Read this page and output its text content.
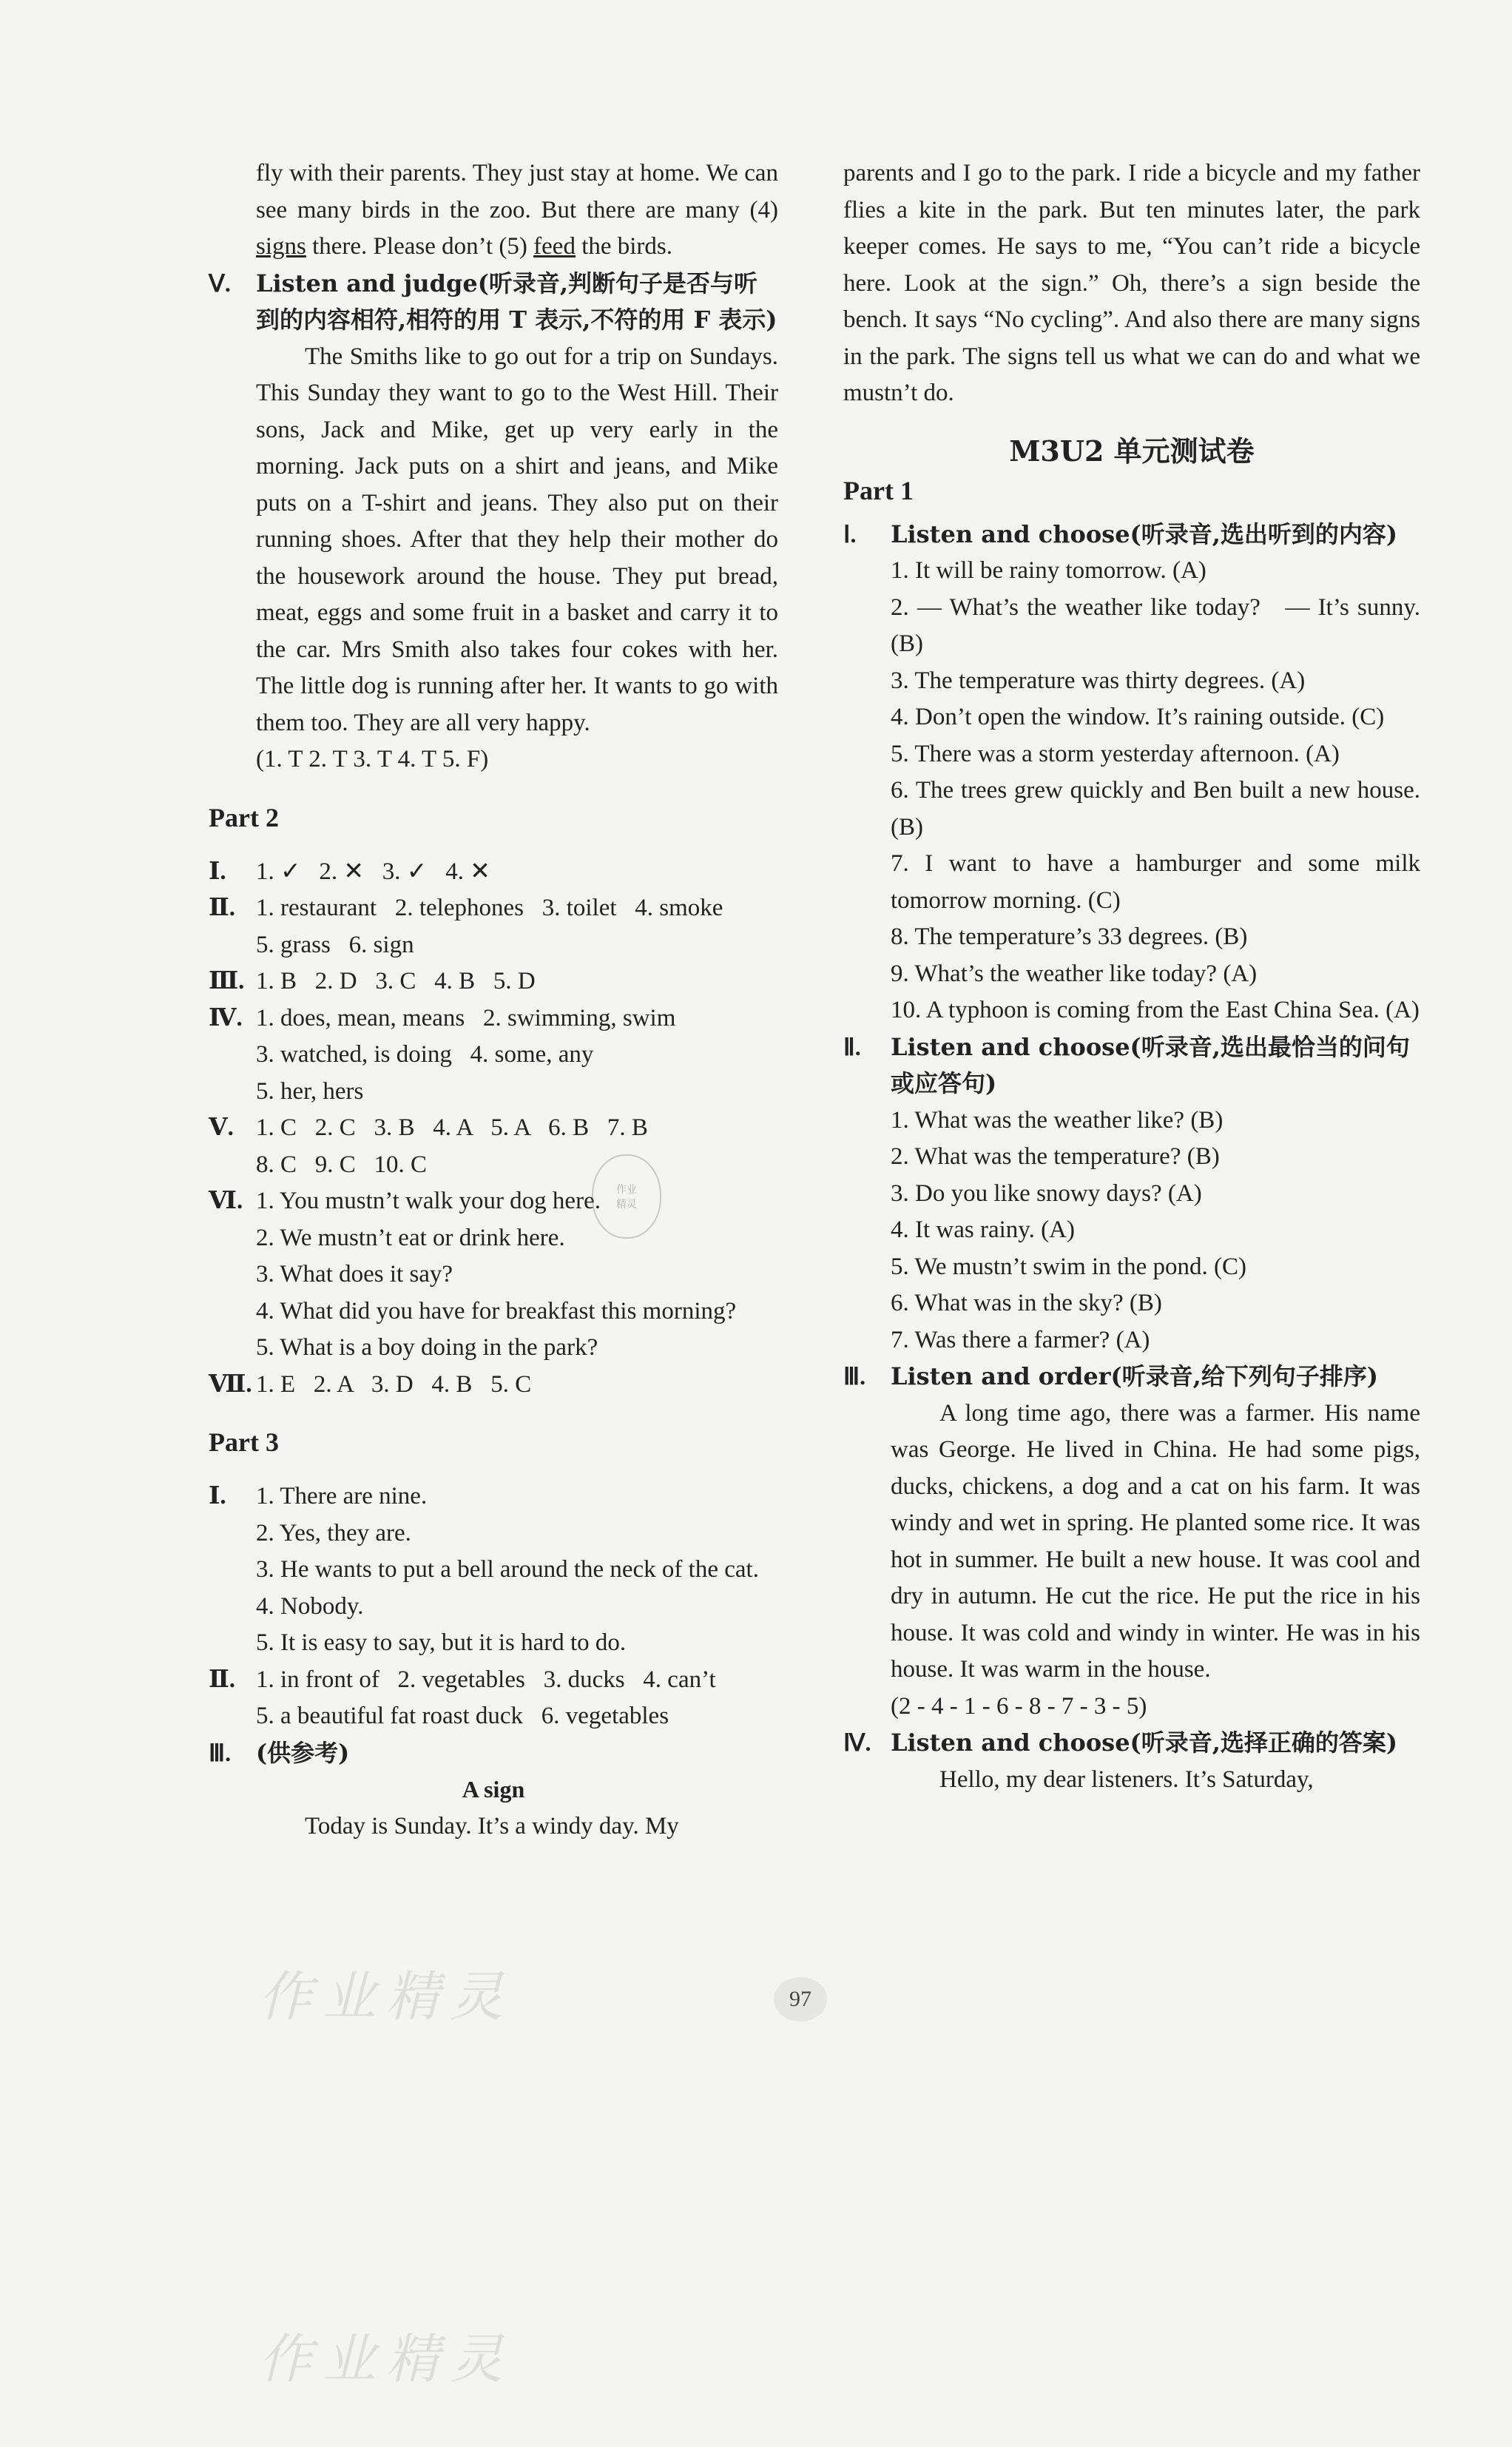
fly with their parents. They just stay at home. We can see many birds in the zoo. But there are many (4) signs there. Please don’t (5) feed the birds.

Ⅴ. Listen and judge(听录音,判断句子是否与听到的内容相符,相符的用 T 表示,不符的用 F 表示)

The Smiths like to go out for a trip on Sundays. This Sunday they want to go to the West Hill. Their sons, Jack and Mike, get up very early in the morning. Jack puts on a shirt and jeans, and Mike puts on a T-shirt and jeans. They also put on their running shoes. After that they help their mother do the housework around the house. They put bread, meat, eggs and some fruit in a basket and carry it to the car. Mrs Smith also takes four cokes with her. The little dog is running after her. It wants to go with them too. They are all very happy.

(1. T 2. T 3. T 4. T 5. F)

Part 2
Ⅰ.	1. ✓   2. ✕   3. ✓   4. ✕

Ⅱ. 1. restaurant   2. telephones   3. toilet   4. smoke

5. grass   6. sign

Ⅲ. 1. B   2. D   3. C   4. B   5. D

Ⅳ. 1. does, mean, means   2. swimming, swim

3. watched, is doing   4. some, any

5. her, hers

Ⅴ. 1. C   2. C   3. B   4. A   5. A   6. B   7. B

8. C   9. C   10. C

Ⅵ. 1. You mustn’t walk your dog here.

2. We mustn’t eat or drink here.

3. What does it say?

4. What did you have for breakfast this morning?

5. What is a boy doing in the park?

Ⅶ. 1. E   2. A   3. D   4. B   5. C

Part 3
Ⅰ.	1. There are nine.

2. Yes, they are.

3. He wants to put a bell around the neck of the cat.

4. Nobody.

5. It is easy to say, but it is hard to do.

Ⅱ. 1. in front of   2. vegetables   3. ducks   4. can’t

5. a beautiful fat roast duck   6. vegetables

Ⅲ. (供参考)

A sign

Today is Sunday. It’s a windy day. My

parents and I go to the park. I ride a bicycle and my father flies a kite in the park. But ten minutes later, the park keeper comes. He says to me, “You can’t ride a bicycle here. Look at the sign.” Oh, there’s a sign beside the bench. It says “No cycling”. And also there are many signs in the park. The signs tell us what we can do and what we mustn’t do.

M3U2 单元测试卷
Part 1

Ⅰ. Listen and choose(听录音,选出听到的内容)

1. It will be rainy tomorrow. (A)

2. — What’s the weather like today?   — It’s sunny. (B)

3. The temperature was thirty degrees. (A)

4. Don’t open the window. It’s raining outside. (C)

5. There was a storm yesterday afternoon. (A)

6. The trees grew quickly and Ben built a new house. (B)

7. I want to have a hamburger and some milk tomorrow morning. (C)

8. The temperature’s 33 degrees. (B)

9. What’s the weather like today? (A)

10. A typhoon is coming from the East China Sea. (A)

Ⅱ. Listen and choose(听录音,选出最恰当的问句或应答句)

1. What was the weather like? (B)

2. What was the temperature? (B)

3. Do you like snowy days? (A)

4. It was rainy. (A)

5. We mustn’t swim in the pond. (C)

6. What was in the sky? (B)

7. Was there a farmer? (A)

Ⅲ. Listen and order(听录音,给下列句子排序)

A long time ago, there was a farmer. His name was George. He lived in China. He had some pigs, ducks, chickens, a dog and a cat on his farm. It was windy and wet in spring. He planted some rice. It was hot in summer. He built a new house. It was cool and dry in autumn. He cut the rice. He put the rice in his house. It was cold and windy in winter. He was in his house. It was warm in the house.

(2 - 4 - 1 - 6 - 8 - 7 - 3 - 5)

Ⅳ. Listen and choose(听录音,选择正确的答案)

Hello, my dear listeners. It’s Saturday,

作业
精灵
97
作业精灵
作业精灵
